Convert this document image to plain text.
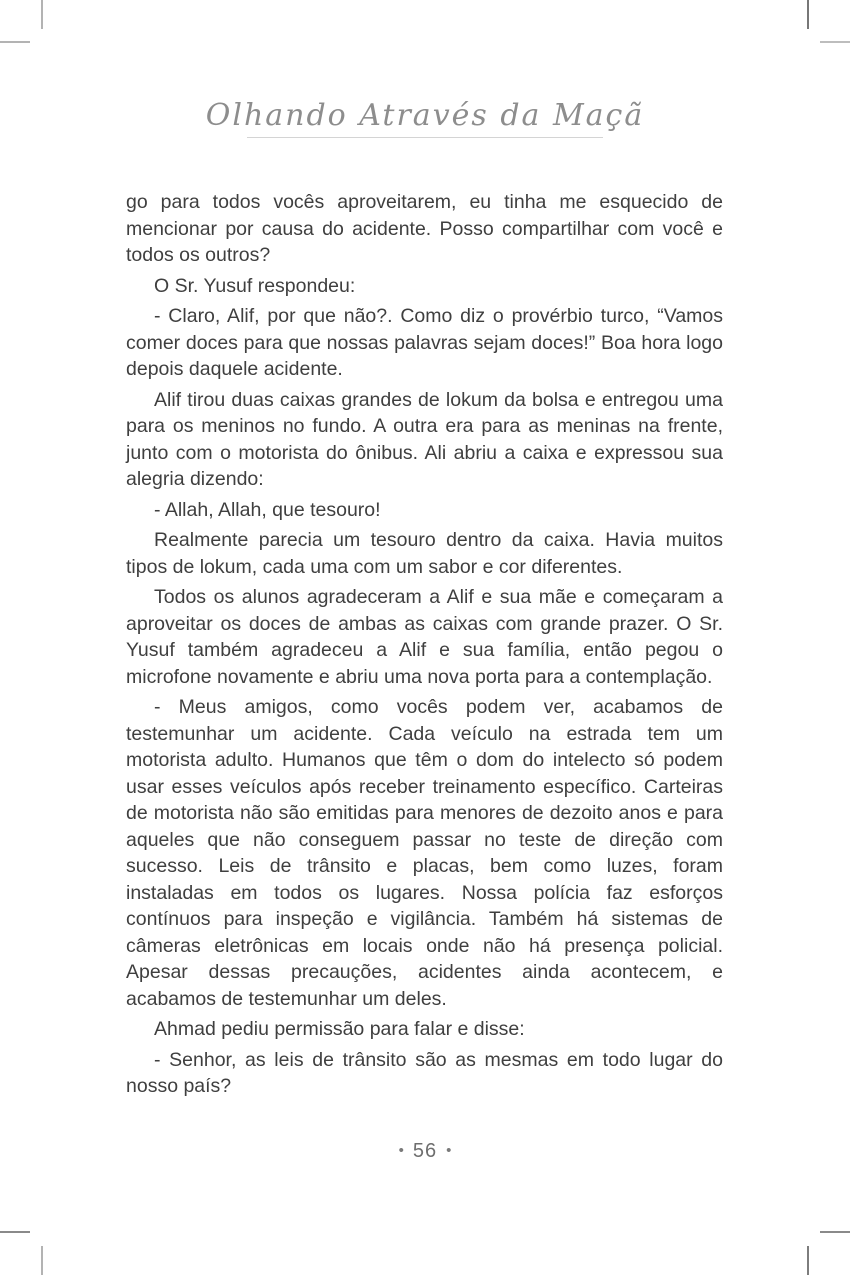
Olhando Através da Maçã

go para todos vocês aproveitarem, eu tinha me esquecido de mencionar por causa do acidente. Posso compartilhar com você e todos os outros?

O Sr. Yusuf respondeu:

- Claro, Alif, por que não?. Como diz o provérbio turco, “Vamos comer doces para que nossas palavras sejam doces!” Boa hora logo depois daquele acidente.

Alif tirou duas caixas grandes de lokum da bolsa e entregou uma para os meninos no fundo. A outra era para as meninas na frente, junto com o motorista do ônibus. Ali abriu a caixa e expressou sua alegria dizendo:

- Allah, Allah, que tesouro!

Realmente parecia um tesouro dentro da caixa. Havia muitos tipos de lokum, cada uma com um sabor e cor diferentes.

Todos os alunos agradeceram a Alif e sua mãe e começaram a aproveitar os doces de ambas as caixas com grande prazer. O Sr. Yusuf também agradeceu a Alif e sua família, então pegou o microfone novamente e abriu uma nova porta para a contemplação.

- Meus amigos, como vocês podem ver, acabamos de testemunhar um acidente. Cada veículo na estrada tem um motorista adulto. Humanos que têm o dom do intelecto só podem usar esses veículos após receber treinamento específico. Carteiras de motorista não são emitidas para menores de dezoito anos e para aqueles que não conseguem passar no teste de direção com sucesso. Leis de trânsito e placas, bem como luzes, foram instaladas em todos os lugares. Nossa polícia faz esforços contínuos para inspeção e vigilância. Também há sistemas de câmeras eletrônicas em locais onde não há presença policial. Apesar dessas precauções, acidentes ainda acontecem, e acabamos de testemunhar um deles.

Ahmad pediu permissão para falar e disse:

- Senhor, as leis de trânsito são as mesmas em todo lugar do nosso país?

• 56 •
